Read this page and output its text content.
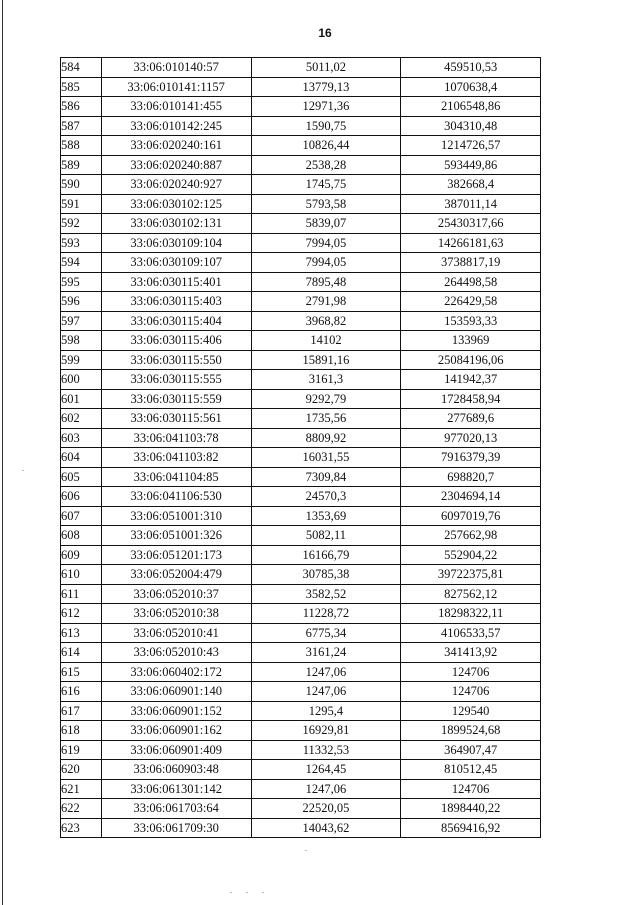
16
584	33:06:010140:57	5011,02	459510,53
585	33:06:010141:1157	13779,13	1070638,4
586	33:06:010141:455	12971,36	2106548,86
587	33:06:010142:245	1590,75	304310,48
588	33:06:020240:161	10826,44	1214726,57
589	33:06:020240:887	2538,28	593449,86
590	33:06:020240:927	1745,75	382668,4
591	33:06:030102:125	5793,58	387011,14
592	33:06:030102:131	5839,07	25430317,66
593	33:06:030109:104	7994,05	14266181,63
594	33:06:030109:107	7994,05	3738817,19
595	33:06:030115:401	7895,48	264498,58
596	33:06:030115:403	2791,98	226429,58
597	33:06:030115:404	3968,82	153593,33
598	33:06:030115:406	14102	133969
599	33:06:030115:550	15891,16	25084196,06
600	33:06:030115:555	3161,3	141942,37
601	33:06:030115:559	9292,79	1728458,94
602	33:06:030115:561	1735,56	277689,6
603	33:06:041103:78	8809,92	977020,13
604	33:06:041103:82	16031,55	7916379,39
605	33:06:041104:85	7309,84	698820,7
606	33:06:041106:530	24570,3	2304694,14
607	33:06:051001:310	1353,69	6097019,76
608	33:06:051001:326	5082,11	257662,98
609	33:06:051201:173	16166,79	552904,22
610	33:06:052004:479	30785,38	39722375,81
611	33:06:052010:37	3582,52	827562,12
612	33:06:052010:38	11228,72	18298322,11
613	33:06:052010:41	6775,34	4106533,57
614	33:06:052010:43	3161,24	341413,92
615	33:06:060402:172	1247,06	124706
616	33:06:060901:140	1247,06	124706
617	33:06:060901:152	1295,4	129540
618	33:06:060901:162	16929,81	1899524,68
619	33:06:060901:409	11332,53	364907,47
620	33:06:060903:48	1264,45	810512,45
621	33:06:061301:142	1247,06	124706
622	33:06:061703:64	22520,05	1898440,22
623	33:06:061709:30	14043,62	8569416,92
